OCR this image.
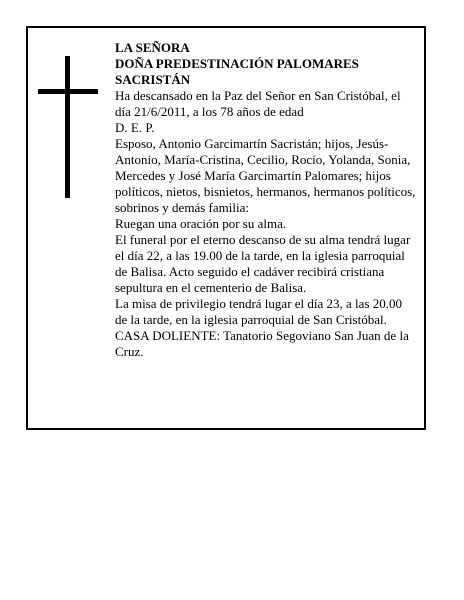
LA SEÑORA

DOÑA PREDESTINACIÓN PALOMARES

SACRISTÁN

Ha descansado en la Paz del Señor en San Cristóbal, el día 21/6/2011, a los 78 años de edad

D. E. P.

Esposo, Antonio Garcimartín Sacristán; hijos, Jesús-Antonio, María-Cristina, Cecilio, Rocío, Yolanda, Sonia, Mercedes y José María Garcimartín Palomares; hijos políticos, nietos, bisnietos, hermanos, hermanos políticos, sobrinos y demás familia:

Ruegan una oración por su alma.

El funeral por el eterno descanso de su alma tendrá lugar el día 22, a las 19.00 de la tarde, en la iglesia parroquial de Balisa. Acto seguido el cadáver recibirá cristiana sepultura en el cementerio de Balisa.

La misa de privilegio tendrá lugar el día 23, a las 20.00 de la tarde, en la iglesia parroquial de San Cristóbal.

CASA DOLIENTE: Tanatorio Segoviano San Juan de la Cruz.
